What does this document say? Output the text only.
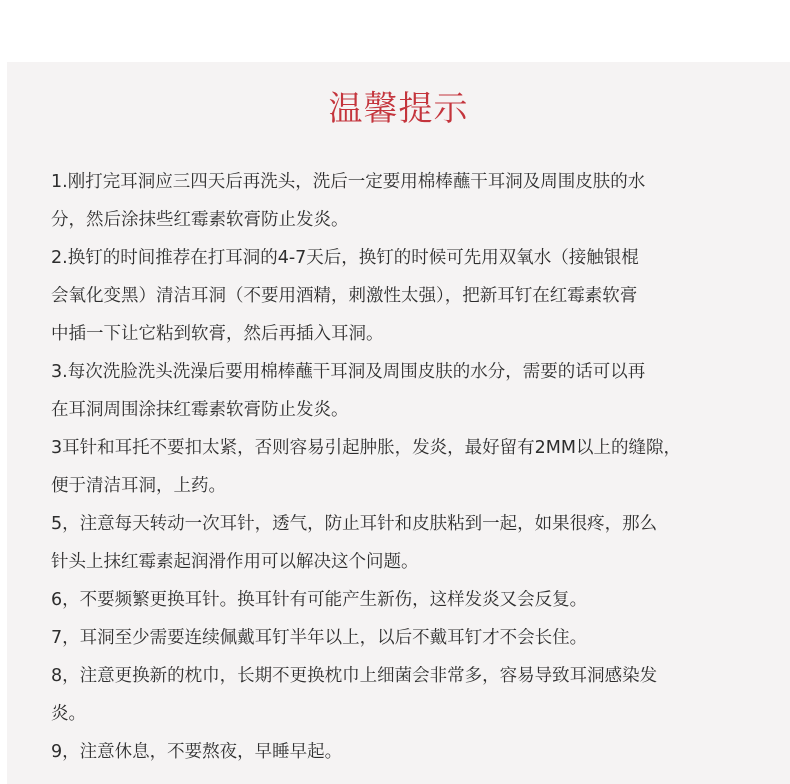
温馨提示
1.刚打完耳洞应三四天后再洗头，洗后一定要用棉棒蘸干耳洞及周围皮肤的水
分，然后涂抹些红霉素软膏防止发炎。
2.换钉的时间推荐在打耳洞的4-7天后，换钉的时候可先用双氧水（接触银棍
会氧化变黑）清洁耳洞（不要用酒精，刺激性太强），把新耳钉在红霉素软膏
中插一下让它粘到软膏，然后再插入耳洞。
3.每次洗脸洗头洗澡后要用棉棒蘸干耳洞及周围皮肤的水分，需要的话可以再
在耳洞周围涂抹红霉素软膏防止发炎。
3耳针和耳托不要扣太紧，否则容易引起肿胀，发炎，最好留有2MM以上的缝隙，
便于清洁耳洞，上药。
5，注意每天转动一次耳针，透气，防止耳针和皮肤粘到一起，如果很疼，那么
针头上抹红霉素起润滑作用可以解决这个问题。
6，不要频繁更换耳针。换耳针有可能产生新伤，这样发炎又会反复。
7，耳洞至少需要连续佩戴耳钉半年以上，以后不戴耳钉才不会长住。
8，注意更换新的枕巾，长期不更换枕巾上细菌会非常多，容易导致耳洞感染发
炎。
9，注意休息，不要熬夜，早睡早起。
